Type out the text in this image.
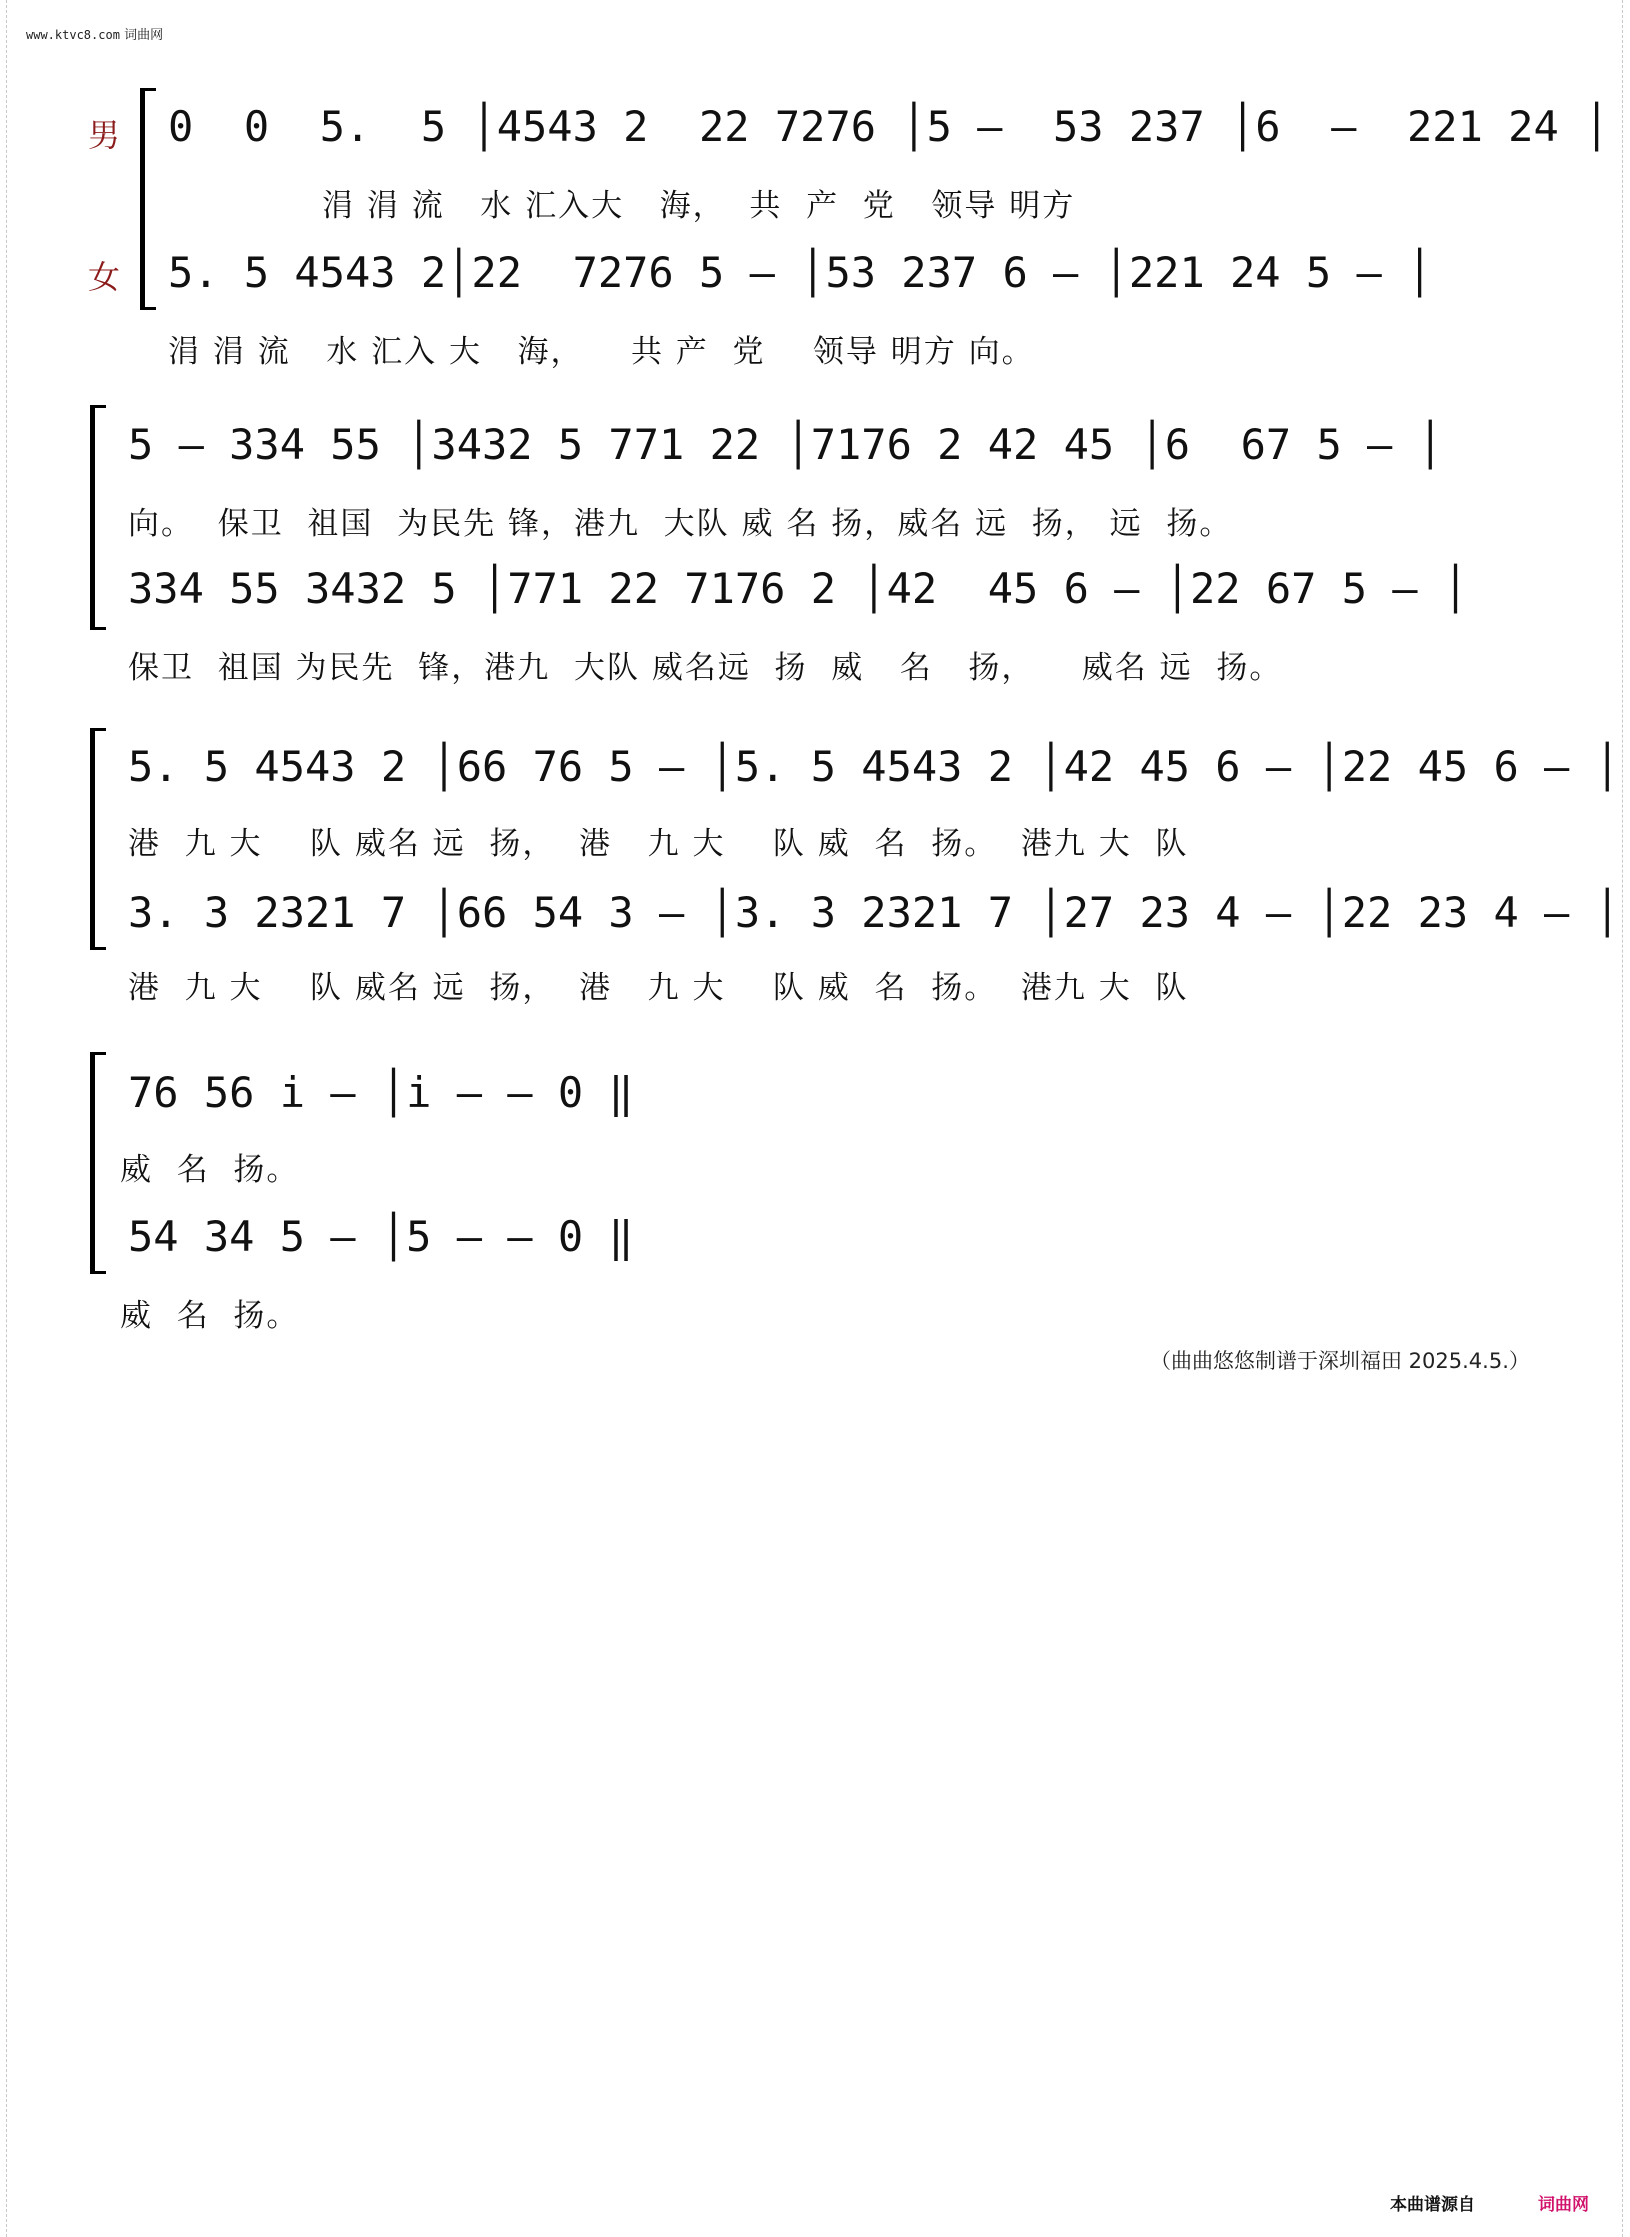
www.ktvc8.com 词曲网
男 0  0  5.  5 │4543 2  22 7276 │5 –  53 237 │6  –  221 24 │
涓 涓 流   水 汇入大   海，  共  产  党   领导 明方
女 5. 5 4543 2│22  7276 5 – │53 237 6 – │221 24 5 – │
涓 涓 流   水 汇入 大   海，    共 产  党    领导 明方 向。
5 – 334 55 │3432 5 771 22 │7176 2 42 45 │6  67 5 – │
向。  保卫  祖国  为民先 锋，港九  大队 威 名 扬，威名 远  扬， 远  扬。
334 55 3432 5 │771 22 7176 2 │42  45 6 – │22 67 5 – │
保卫  祖国 为民先  锋，港九  大队 威名远  扬  威   名   扬，    威名 远  扬。
5. 5 4543 2 │66 76 5 – │5. 5 4543 2 │42 45 6 – │22 45 6 – │
港  九 大    队 威名 远  扬，  港   九 大    队 威  名  扬。  港九 大  队
3. 3 2321 7 │66 54 3 – │3. 3 2321 7 │27 23 4 – │22 23 4 – │
港  九 大    队 威名 远  扬，  港   九 大    队 威  名  扬。  港九 大  队
76 56 i – │i – – 0 ‖
威  名  扬。
54 34 5 – │5 – – 0 ‖
威  名  扬。
（曲曲悠悠制谱于深圳福田 2025.4.5.）
本曲谱源自	词曲网
